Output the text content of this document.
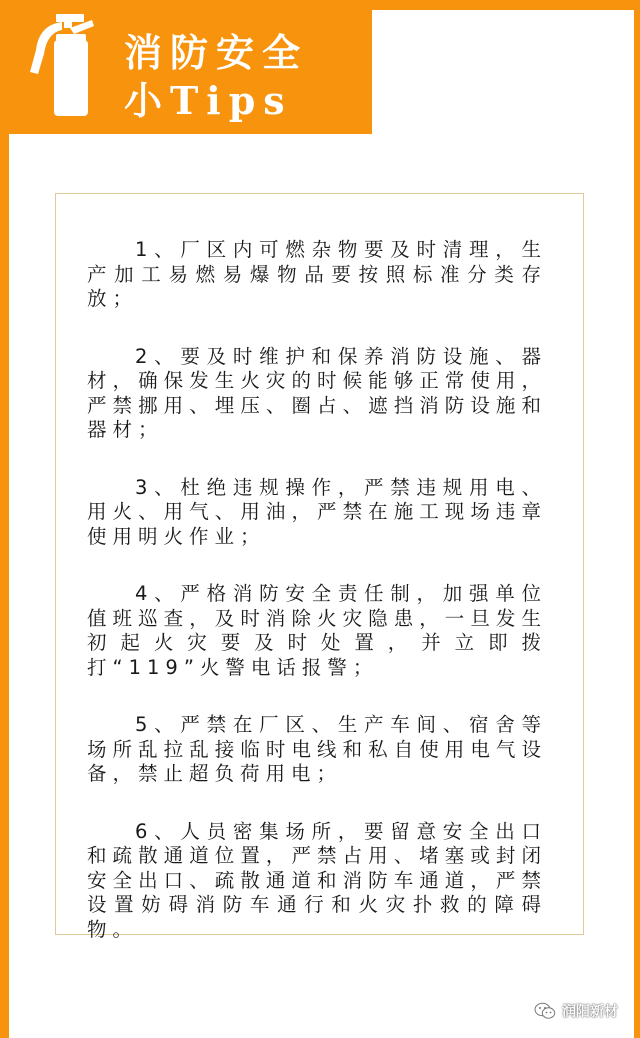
消防安全
小Tips

1、厂区内可燃杂物要及时清理，生产加工易燃易爆物品要按照标准分类存放；

2、要及时维护和保养消防设施、器材，确保发生火灾的时候能够正常使用，严禁挪用、埋压、圈占、遮挡消防设施和器材；

3、杜绝违规操作，严禁违规用电、用火、用气、用油，严禁在施工现场违章使用明火作业；

4、严格消防安全责任制，加强单位值班巡查，及时消除火灾隐患，一旦发生初起火灾要及时处置，并立即拨打“119”火警电话报警；

5、严禁在厂区、生产车间、宿舍等场所乱拉乱接临时电线和私自使用电气设备，禁止超负荷用电；

6、人员密集场所，要留意安全出口和疏散通道位置，严禁占用、堵塞或封闭安全出口、疏散通道和消防车通道，严禁设置妨碍消防车通行和火灾扑救的障碍物。

润阳新材
